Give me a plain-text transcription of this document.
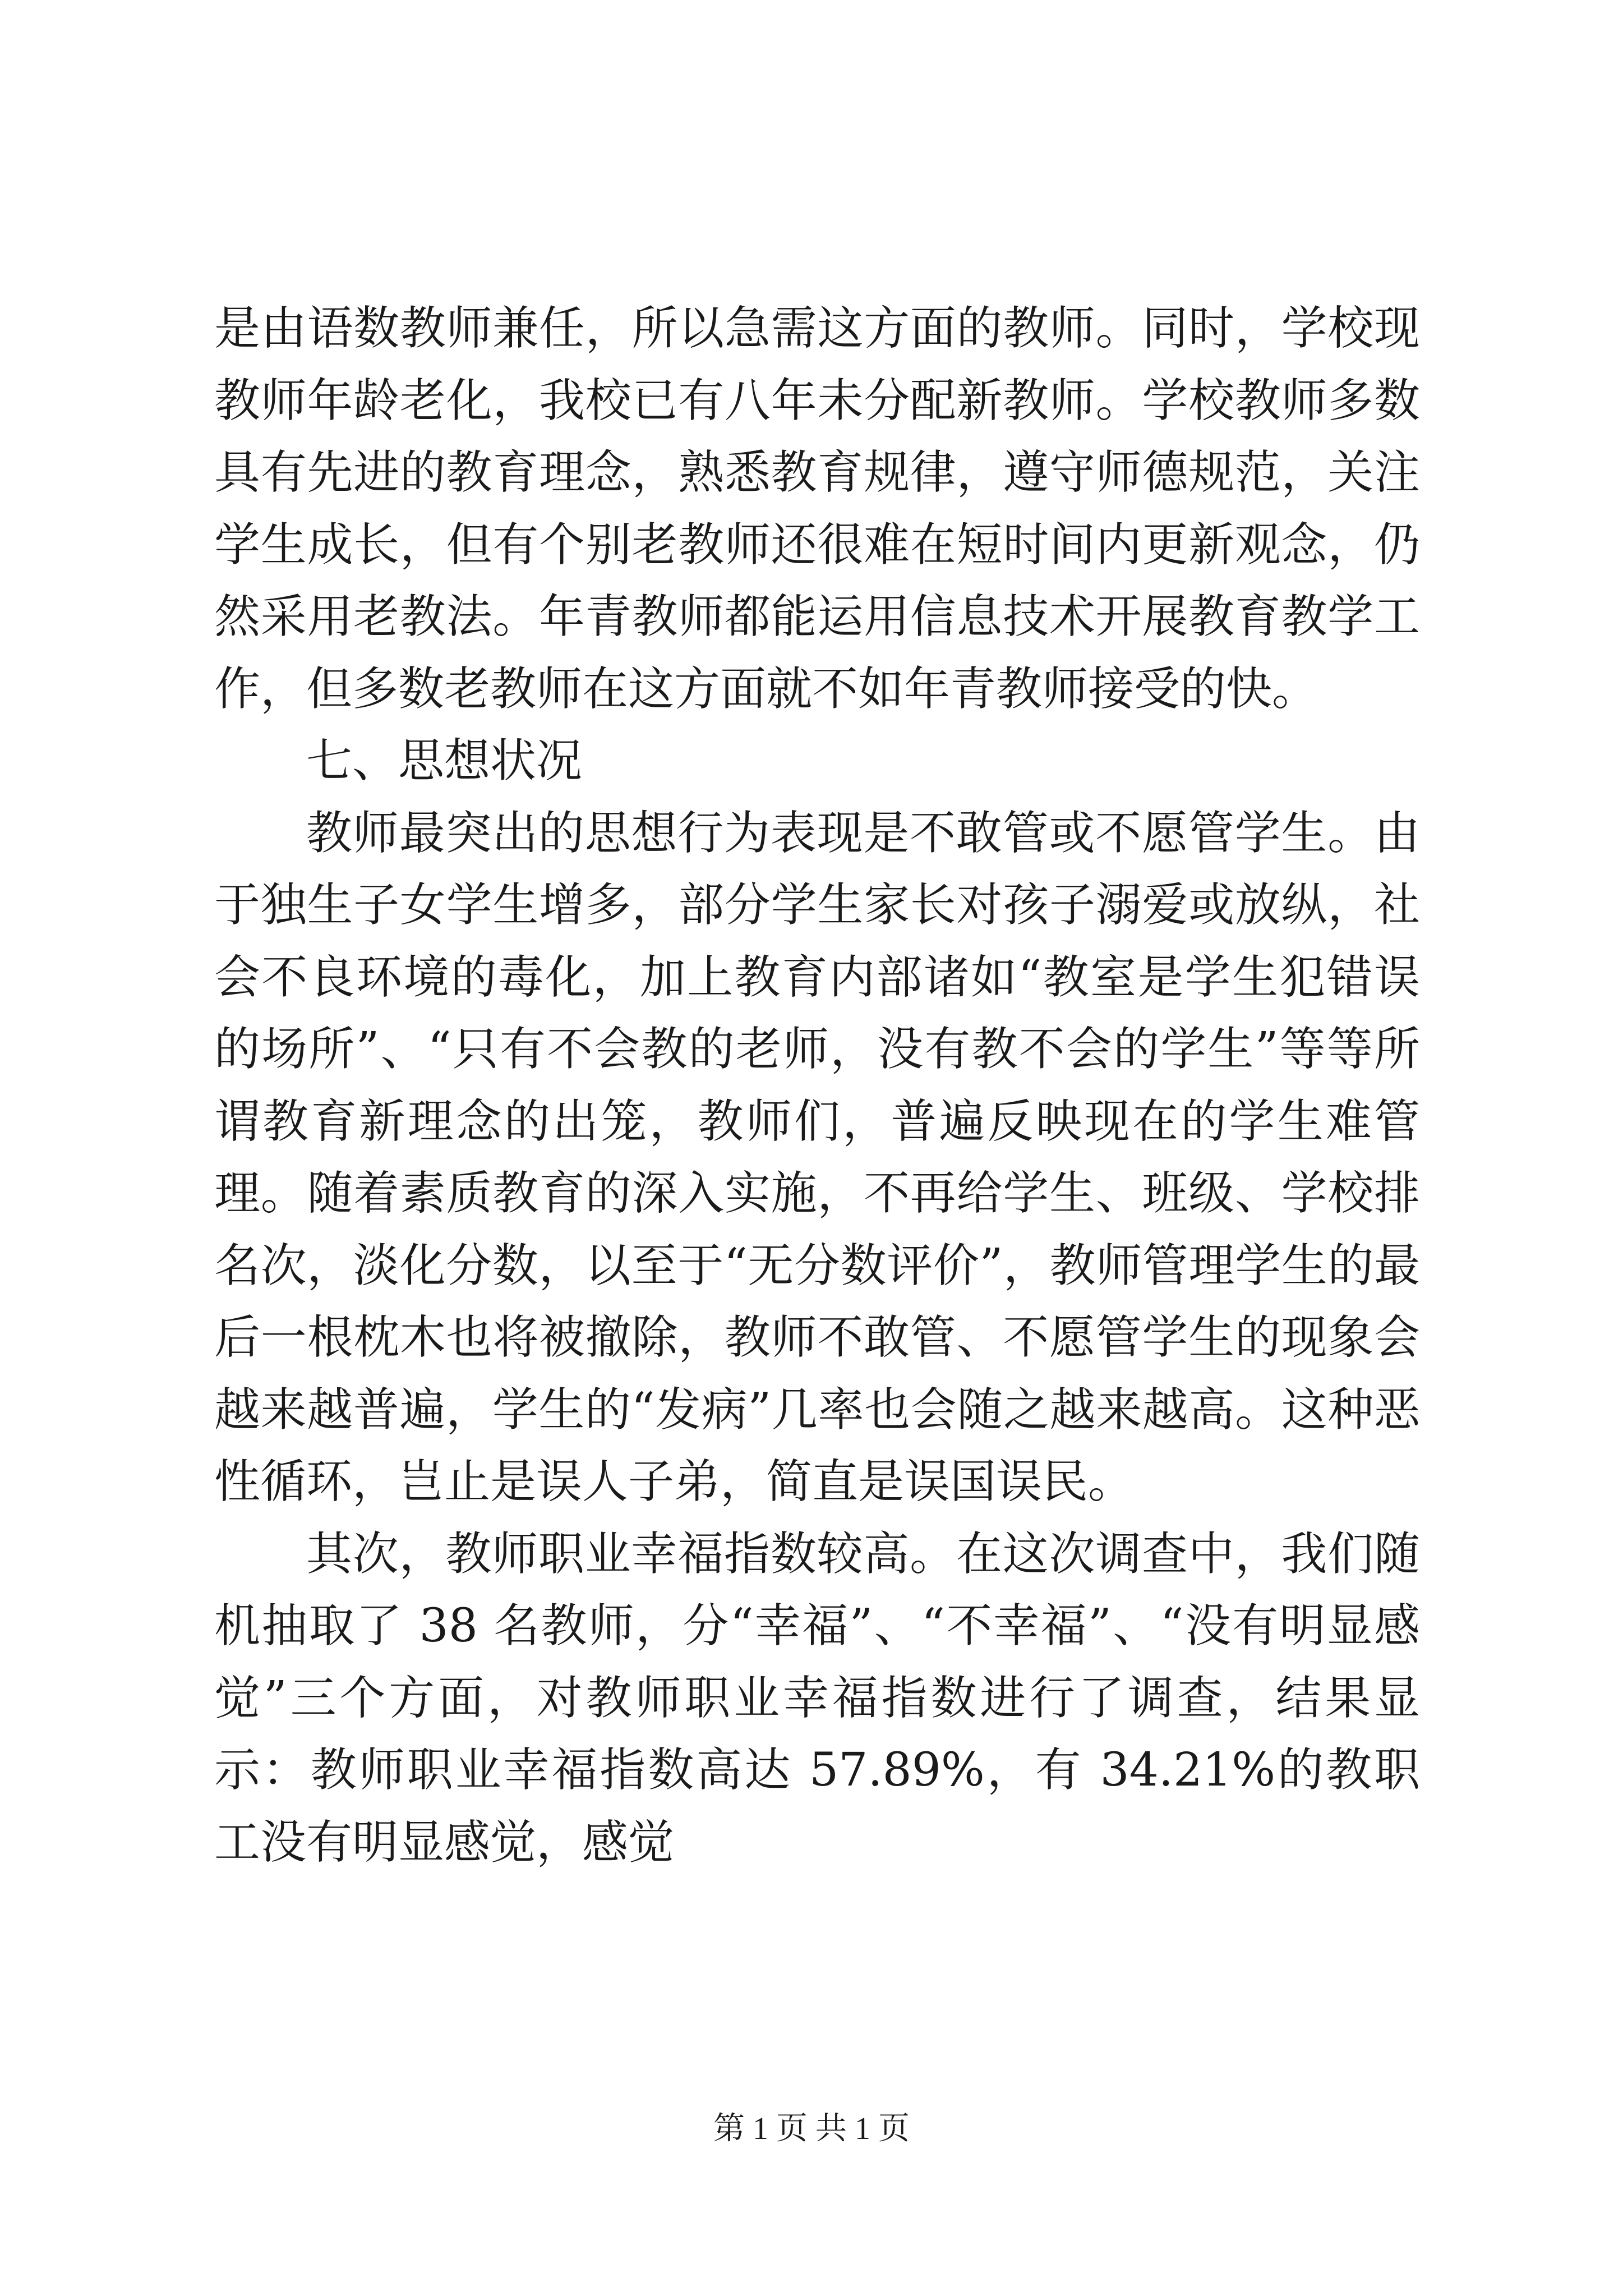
是由语数教师兼任，所以急需这方面的教师。同时，学校现教师年龄老化，我校已有八年未分配新教师。学校教师多数具有先进的教育理念，熟悉教育规律，遵守师德规范，关注学生成长，但有个别老教师还很难在短时间内更新观念，仍然采用老教法。年青教师都能运用信息技术开展教育教学工作，但多数老教师在这方面就不如年青教师接受的快。

七、思想状况

教师最突出的思想行为表现是不敢管或不愿管学生。由于独生子女学生增多，部分学生家长对孩子溺爱或放纵，社会不良环境的毒化，加上教育内部诸如“教室是学生犯错误的场所”、“只有不会教的老师，没有教不会的学生”等等所谓教育新理念的出笼，教师们，普遍反映现在的学生难管理。随着素质教育的深入实施，不再给学生、班级、学校排名次，淡化分数，以至于“无分数评价”，教师管理学生的最后一根枕木也将被撤除，教师不敢管、不愿管学生的现象会越来越普遍，学生的“发病”几率也会随之越来越高。这种恶性循环，岂止是误人子弟，简直是误国误民。

其次，教师职业幸福指数较高。在这次调查中，我们随机抽取了 38 名教师，分“幸福”、“不幸福”、“没有明显感觉”三个方面，对教师职业幸福指数进行了调查，结果显示：教师职业幸福指数高达 57.89%，有 34.21%的教职工没有明显感觉，感觉

第 1 页 共 1 页
